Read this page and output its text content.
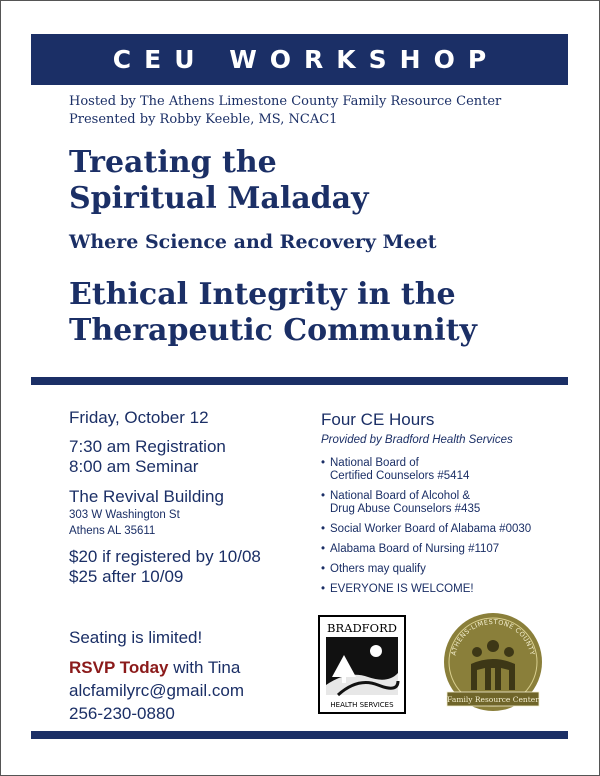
CEU WORKSHOP
Hosted by The Athens Limestone County Family Resource Center
Presented by Robby Keeble, MS, NCAC1
Treating the
Spiritual Maladay
Where Science and Recovery Meet
Ethical Integrity in the
Therapeutic Community
Friday, October 12
7:30 am Registration
8:00 am Seminar
The Revival Building
303 W Washington St
Athens AL 35611
$20 if registered by 10/08
$25 after 10/09
Four CE Hours
Provided by Bradford Health Services
• National Board of
Certified Counselors #5414
• National Board of Alcohol &
Drug Abuse Counselors #435
• Social Worker Board of Alabama #0030
• Alabama Board of Nursing #1107
• Others may qualify
• EVERYONE IS WELCOME!
Seating is limited!
RSVP Today with Tina
alcfamilyrc@gmail.com
256-230-0880
BRADFORD
HEALTH SERVICES
ATHENS-LIMESTONE COUNTY
Family Resource Center
